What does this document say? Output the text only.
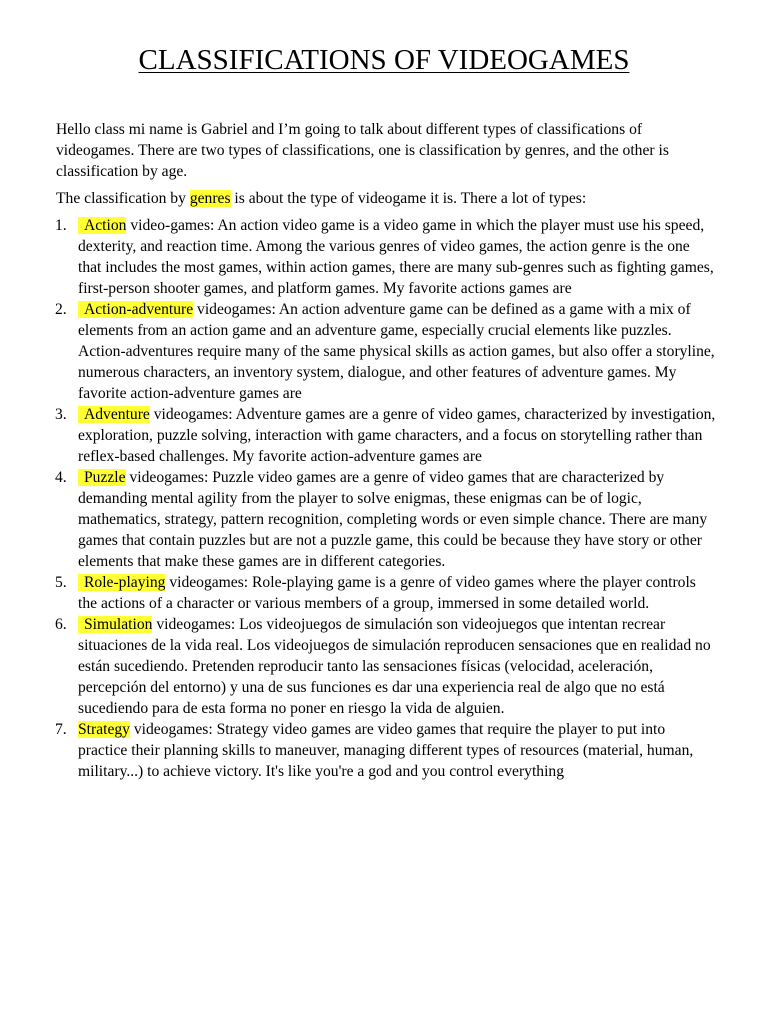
CLASSIFICATIONS OF VIDEOGAMES

Hello class mi name is Gabriel and I’m going to talk about different types of classifications of videogames. There are two types of classifications, one is classification by genres, and the other is classification by age.

The classification by genres is about the type of videogame it is. There a lot of types:

1. Action video-games: An action video game is a video game in which the player must use his speed, dexterity, and reaction time. Among the various genres of video games, the action genre is the one that includes the most games, within action games, there are many sub-genres such as fighting games, first-person shooter games, and platform games. My favorite actions games are
2. Action-adventure videogames: An action adventure game can be defined as a game with a mix of elements from an action game and an adventure game, especially crucial elements like puzzles. Action-adventures require many of the same physical skills as action games, but also offer a storyline, numerous characters, an inventory system, dialogue, and other features of adventure games. My favorite action-adventure games are
3. Adventure videogames: Adventure games are a genre of video games, characterized by investigation, exploration, puzzle solving, interaction with game characters, and a focus on storytelling rather than reflex-based challenges. My favorite action-adventure games are
4. Puzzle videogames: Puzzle video games are a genre of video games that are characterized by demanding mental agility from the player to solve enigmas, these enigmas can be of logic, mathematics, strategy, pattern recognition, completing words or even simple chance. There are many games that contain puzzles but are not a puzzle game, this could be because they have story or other elements that make these games are in different categories.
5. Role-playing videogames: Role-playing game is a genre of video games where the player controls the actions of a character or various members of a group, immersed in some detailed world.
6. Simulation videogames: Los videojuegos de simulación son videojuegos que intentan recrear situaciones de la vida real. Los videojuegos de simulación reproducen sensaciones que en realidad no están sucediendo. Pretenden reproducir tanto las sensaciones físicas (velocidad, aceleración, percepción del entorno) y una de sus funciones es dar una experiencia real de algo que no está sucediendo para de esta forma no poner en riesgo la vida de alguien.
7. Strategy videogames: Strategy video games are video games that require the player to put into practice their planning skills to maneuver, managing different types of resources (material, human, military...) to achieve victory. It's like you're a god and you control everything
